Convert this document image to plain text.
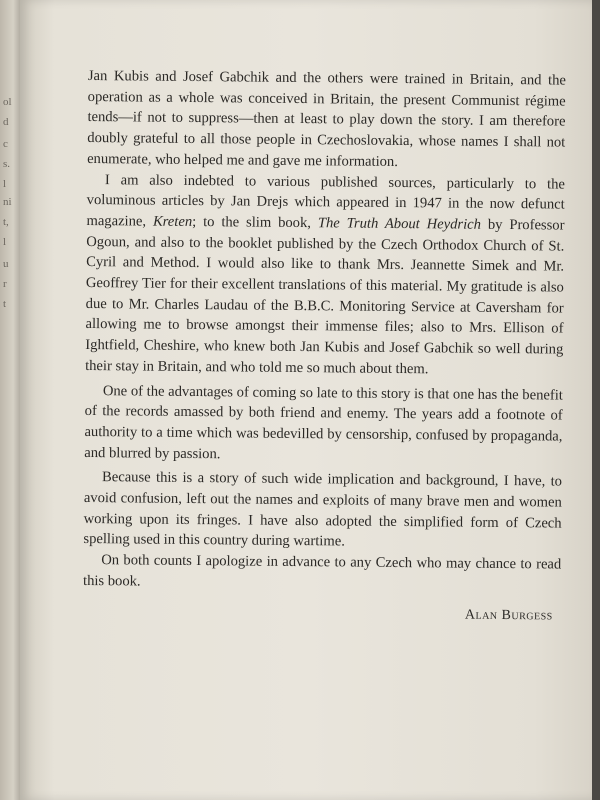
ol
d
c
s.
l
ni
t,
l
u
r
t

Jan Kubis and Josef Gabchik and the others were trained in Britain, and the operation as a whole was conceived in Britain, the present Communist régime tends—if not to suppress—then at least to play down the story. I am therefore doubly grateful to all those people in Czechoslovakia, whose names I shall not enumerate, who helped me and gave me information.

I am also indebted to various published sources, particularly to the voluminous articles by Jan Drejs which appeared in 1947 in the now defunct magazine, Kreten; to the slim book, The Truth About Heydrich by Professor Ogoun, and also to the booklet published by the Czech Orthodox Church of St. Cyril and Method. I would also like to thank Mrs. Jeannette Simek and Mr. Geoffrey Tier for their excellent translations of this material. My gratitude is also due to Mr. Charles Laudau of the B.B.C. Monitoring Service at Caversham for allowing me to browse amongst their immense files; also to Mrs. Ellison of Ightfield, Cheshire, who knew both Jan Kubis and Josef Gabchik so well during their stay in Britain, and who told me so much about them.

One of the advantages of coming so late to this story is that one has the benefit of the records amassed by both friend and enemy. The years add a footnote of authority to a time which was bedevilled by censorship, confused by propaganda, and blurred by passion.

Because this is a story of such wide implication and background, I have, to avoid confusion, left out the names and exploits of many brave men and women working upon its fringes. I have also adopted the simplified form of Czech spelling used in this country during wartime.

On both counts I apologize in advance to any Czech who may chance to read this book.

Alan Burgess
